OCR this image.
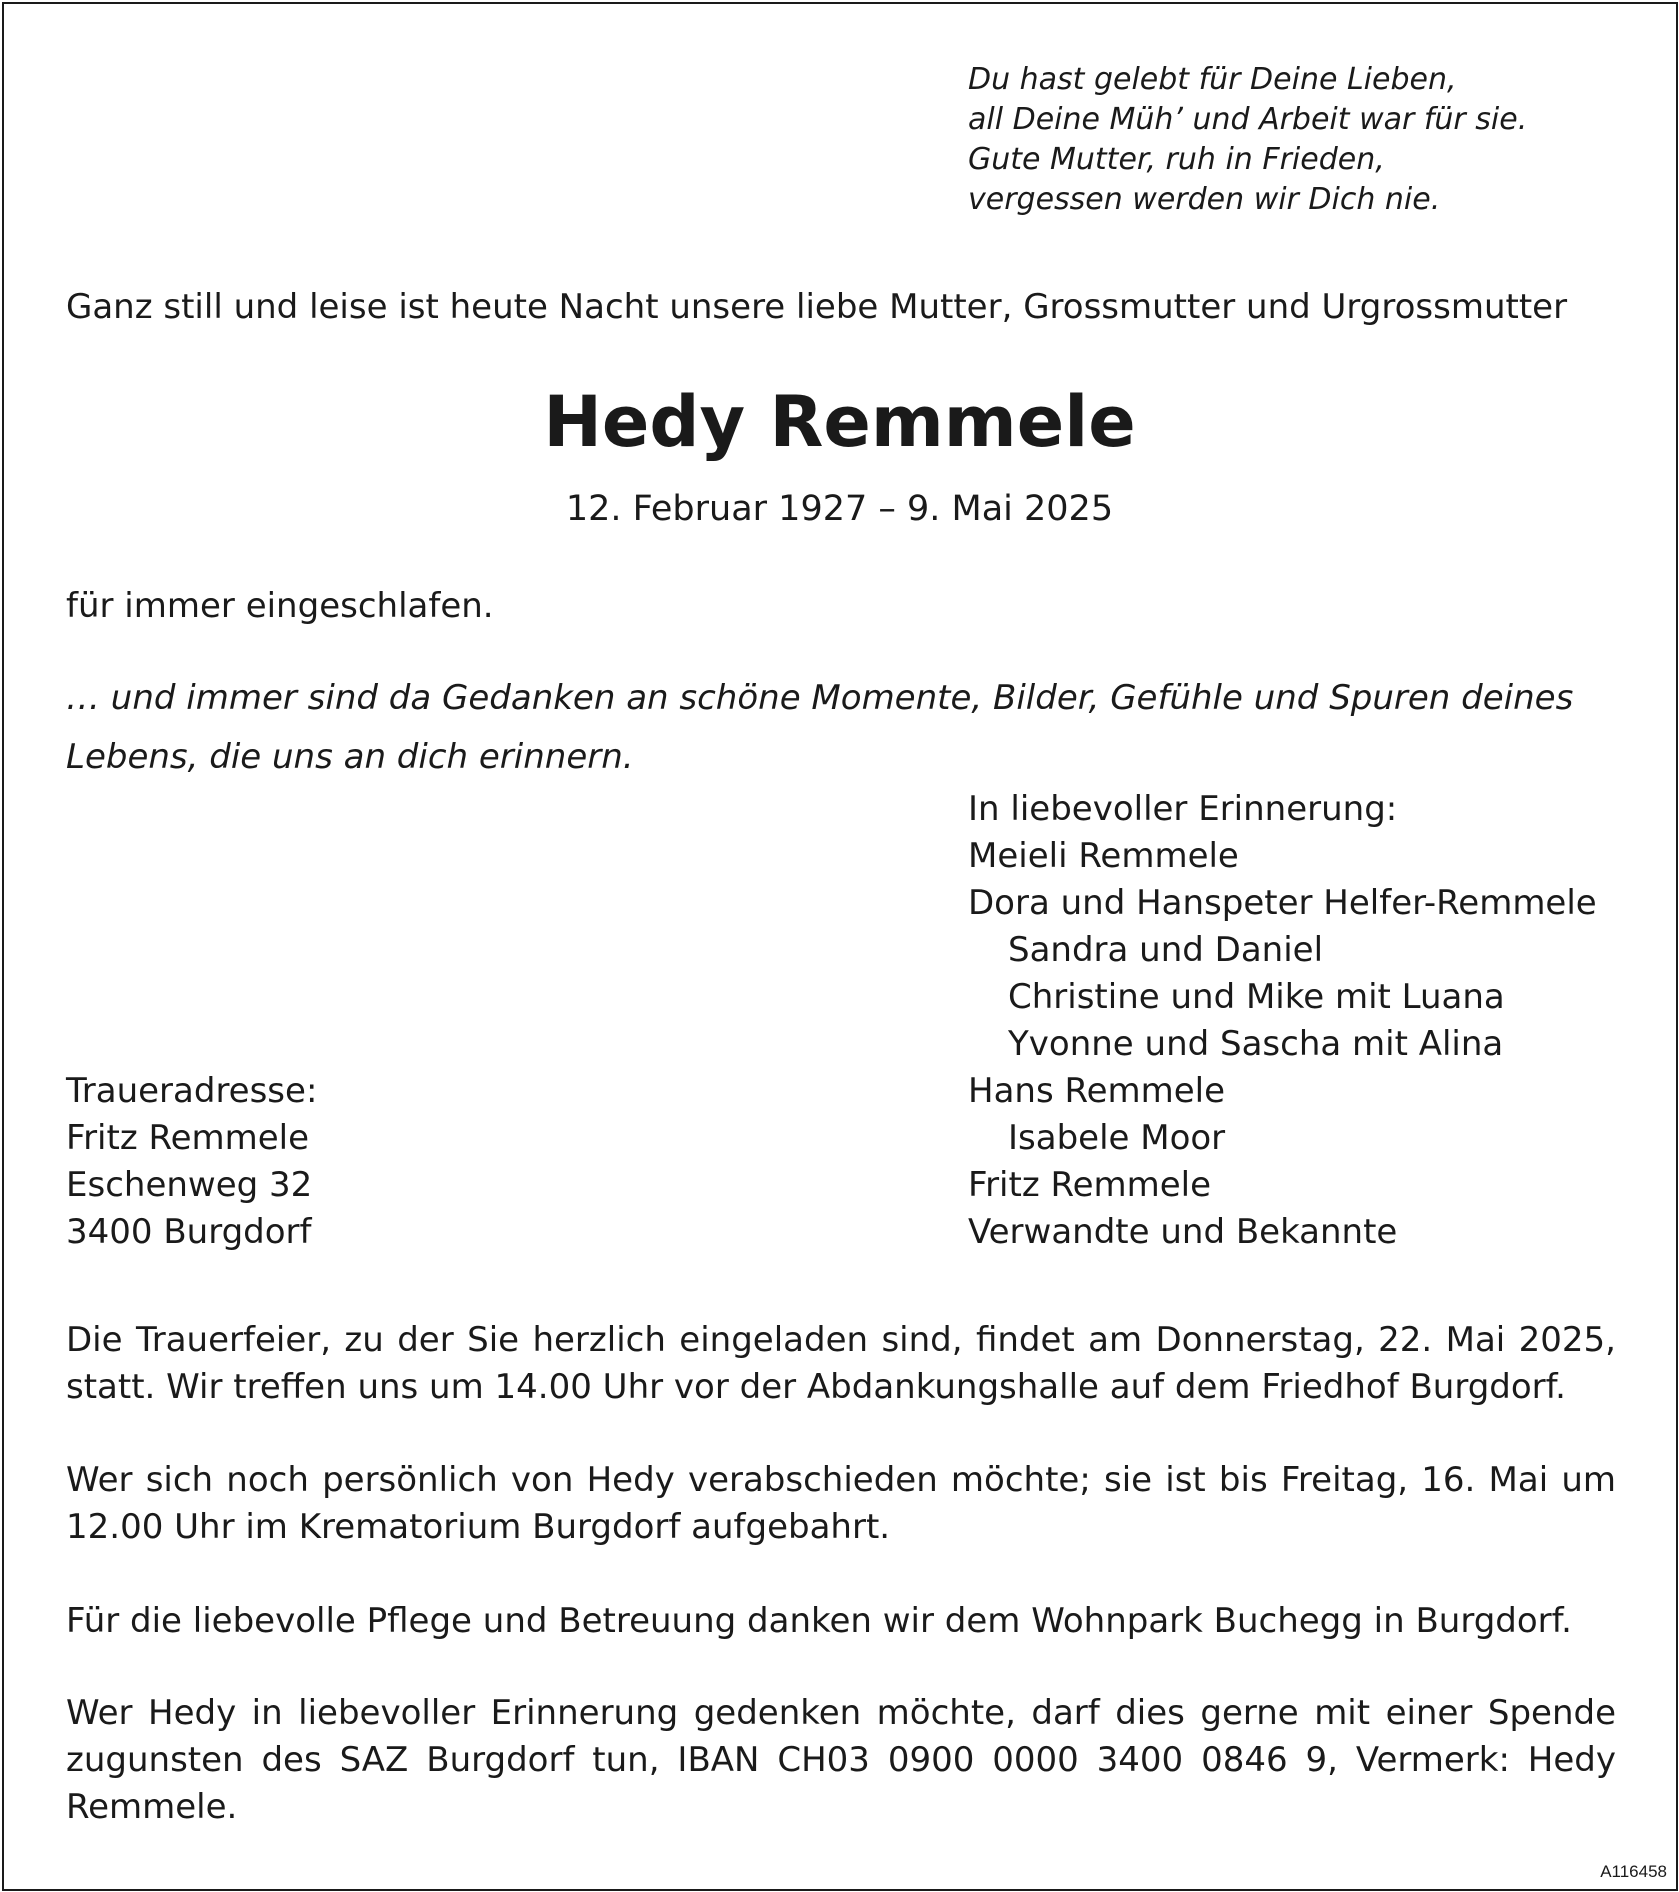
Du hast gelebt für Deine Lieben,
all Deine Müh’ und Arbeit war für sie.
Gute Mutter, ruh in Frieden,
vergessen werden wir Dich nie.

Ganz still und leise ist heute Nacht unsere liebe Mutter, Grossmutter und Urgrossmutter

Hedy Remmele

12. Februar 1927 – 9. Mai 2025

für immer eingeschlafen.

… und immer sind da Gedanken an schöne Momente, Bilder, Gefühle und Spuren deines

Lebens, die uns an dich erinnern.

In liebevoller Erinnerung:
Meieli Remmele
Dora und Hanspeter Helfer-Remmele
Sandra und Daniel
Christine und Mike mit Luana
Yvonne und Sascha mit Alina
Hans Remmele
Isabele Moor
Fritz Remmele
Verwandte und Bekannte
Traueradresse:
Fritz Remmele
Eschenweg 32
3400 Burgdorf

Die Trauerfeier, zu der Sie herzlich eingeladen sind, findet am Donnerstag, 22. Mai 2025, statt. Wir treffen uns um 14.00 Uhr vor der Abdankungshalle auf dem Friedhof Burgdorf.

Wer sich noch persönlich von Hedy verabschieden möchte; sie ist bis Freitag, 16. Mai um 12.00 Uhr im Krematorium Burgdorf aufgebahrt.

Für die liebevolle Pflege und Betreuung danken wir dem Wohnpark Buchegg in Burgdorf.

Wer Hedy in liebevoller Erinnerung gedenken möchte, darf dies gerne mit einer Spende zugunsten des SAZ Burgdorf tun, IBAN CH03 0900 0000 3400 0846 9, Vermerk: Hedy Remmele.

A116458
